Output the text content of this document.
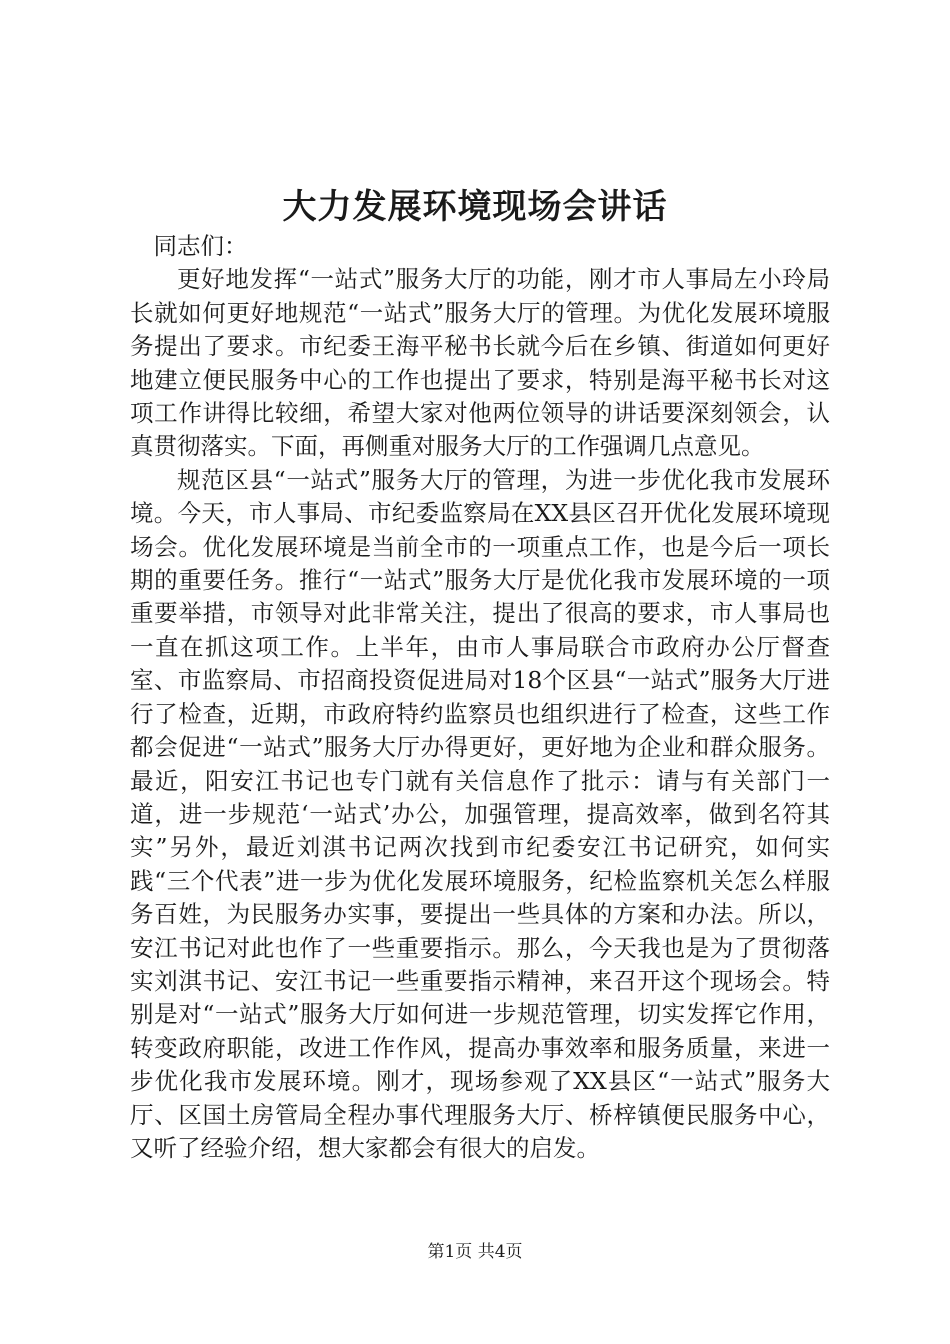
大力发展环境现场会讲话

同志们：

更好地发挥“一站式”服务大厅的功能，刚才市人事局左小玲局长就如何更好地规范“一站式”服务大厅的管理。为优化发展环境服务提出了要求。市纪委王海平秘书长就今后在乡镇、街道如何更好地建立便民服务中心的工作也提出了要求，特别是海平秘书长对这项工作讲得比较细，希望大家对他两位领导的讲话要深刻领会，认真贯彻落实。下面，再侧重对服务大厅的工作强调几点意见。

规范区县“一站式”服务大厅的管理，为进一步优化我市发展环境。今天，市人事局、市纪委监察局在XX县区召开优化发展环境现场会。优化发展环境是当前全市的一项重点工作，也是今后一项长期的重要任务。推行“一站式”服务大厅是优化我市发展环境的一项重要举措，市领导对此非常关注，提出了很高的要求，市人事局也一直在抓这项工作。上半年，由市人事局联合市政府办公厅督查室、市监察局、市招商投资促进局对18个区县“一站式”服务大厅进行了检查，近期，市政府特约监察员也组织进行了检查，这些工作都会促进“一站式”服务大厅办得更好，更好地为企业和群众服务。最近，阳安江书记也专门就有关信息作了批示：请与有关部门一道，进一步规范‘一站式’办公，加强管理，提高效率，做到名符其实”另外，最近刘淇书记两次找到市纪委安江书记研究，如何实践“三个代表”进一步为优化发展环境服务，纪检监察机关怎么样服务百姓，为民服务办实事，要提出一些具体的方案和办法。所以，安江书记对此也作了一些重要指示。那么，今天我也是为了贯彻落实刘淇书记、安江书记一些重要指示精神，来召开这个现场会。特别是对“一站式”服务大厅如何进一步规范管理，切实发挥它作用，转变政府职能，改进工作作风，提高办事效率和服务质量，来进一步优化我市发展环境。刚才，现场参观了XX县区“一站式”服务大厅、区国土房管局全程办事代理服务大厅、桥梓镇便民服务中心，又听了经验介绍，想大家都会有很大的启发。

第1页 共4页
